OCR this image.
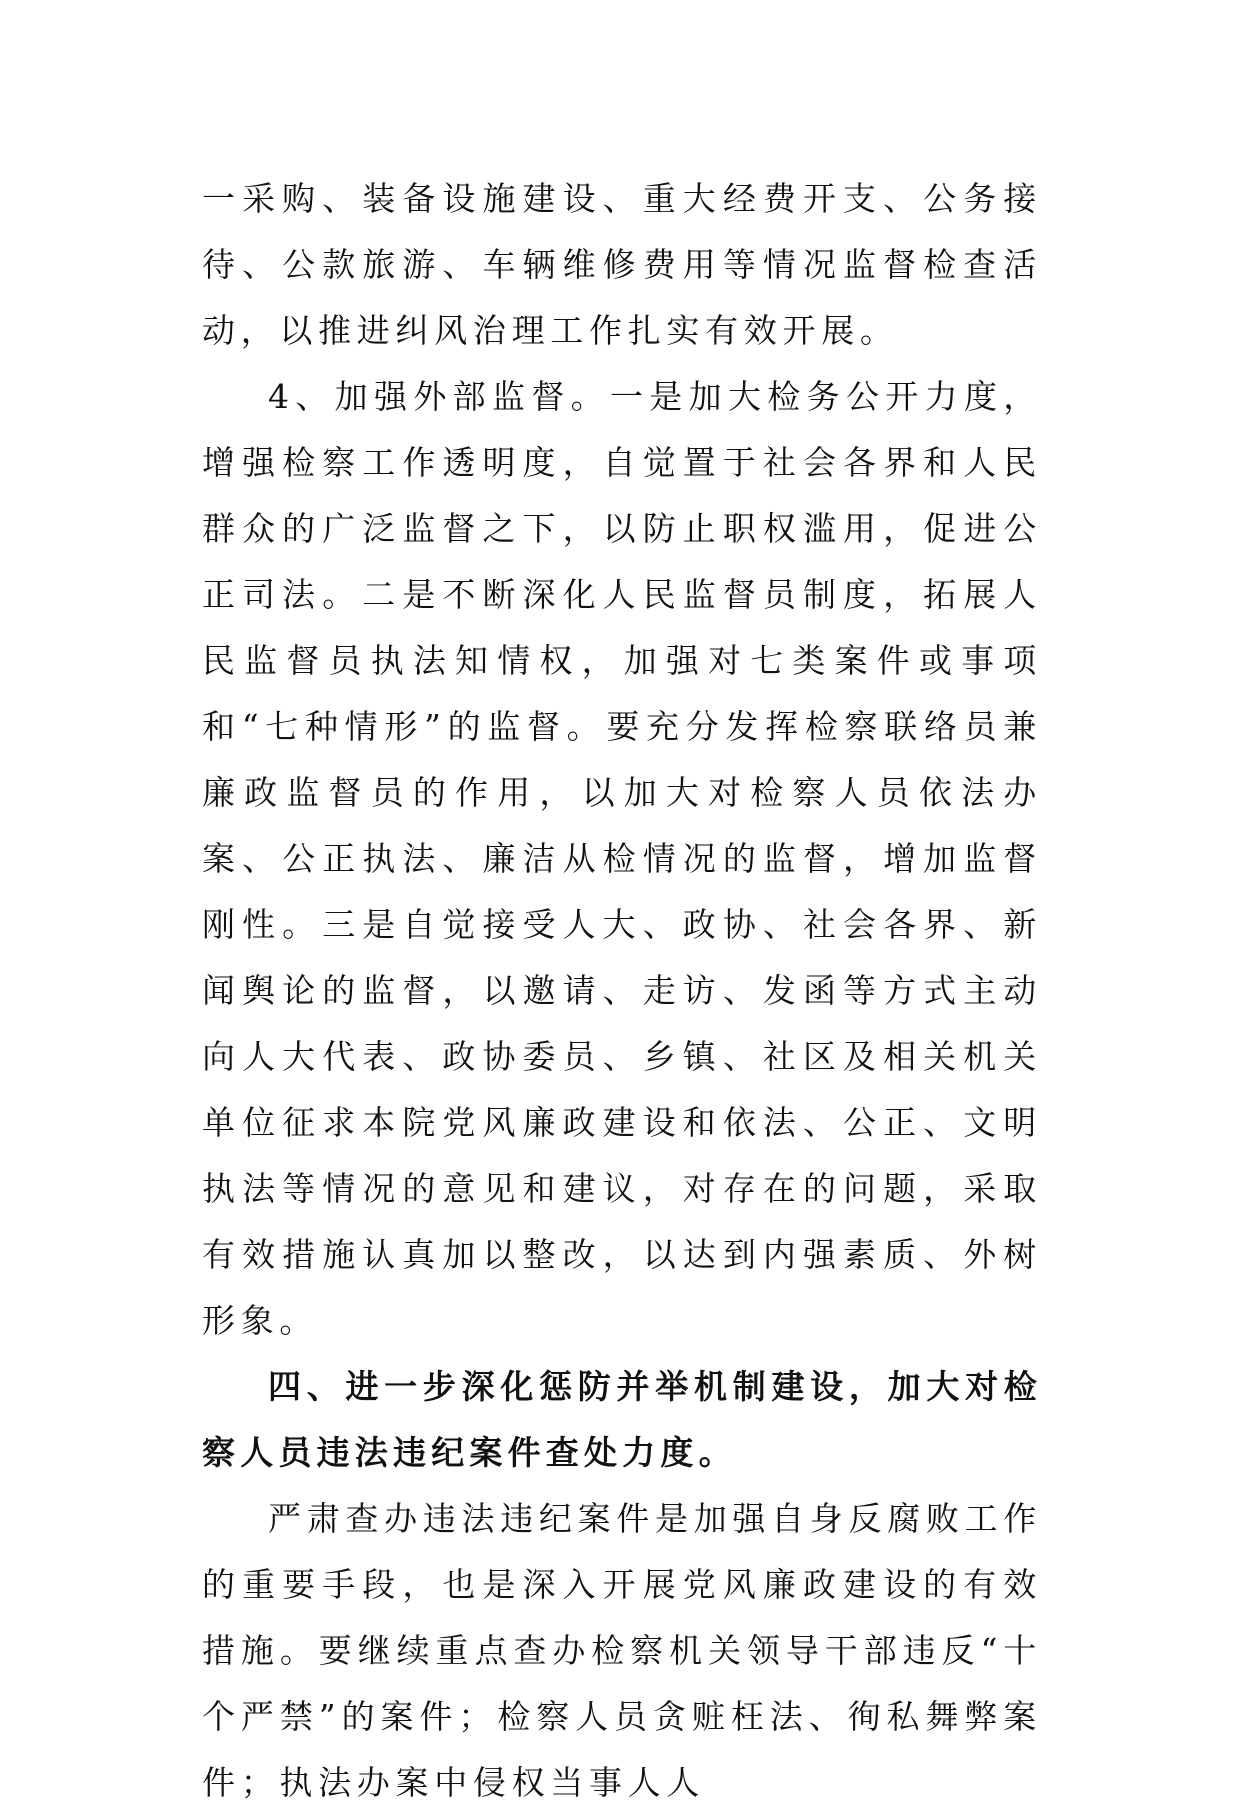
一采购、装备设施建设、重大经费开支、公务接待、公款旅游、车辆维修费用等情况监督检查活动，以推进纠风治理工作扎实有效开展。

4、加强外部监督。一是加大检务公开力度，增强检察工作透明度，自觉置于社会各界和人民群众的广泛监督之下，以防止职权滥用，促进公正司法。二是不断深化人民监督员制度，拓展人民监督员执法知情权，加强对七类案件或事项和“七种情形”的监督。要充分发挥检察联络员兼廉政监督员的作用，以加大对检察人员依法办案、公正执法、廉洁从检情况的监督，增加监督刚性。三是自觉接受人大、政协、社会各界、新闻舆论的监督，以邀请、走访、发函等方式主动向人大代表、政协委员、乡镇、社区及相关机关单位征求本院党风廉政建设和依法、公正、文明执法等情况的意见和建议，对存在的问题，采取有效措施认真加以整改，以达到内强素质、外树形象。

四、进一步深化惩防并举机制建设，加大对检察人员违法违纪案件查处力度。

严肃查办违法违纪案件是加强自身反腐败工作的重要手段，也是深入开展党风廉政建设的有效措施。要继续重点查办检察机关领导干部违反“十个严禁”的案件；检察人员贪赃枉法、徇私舞弊案件；执法办案中侵权当事人人
